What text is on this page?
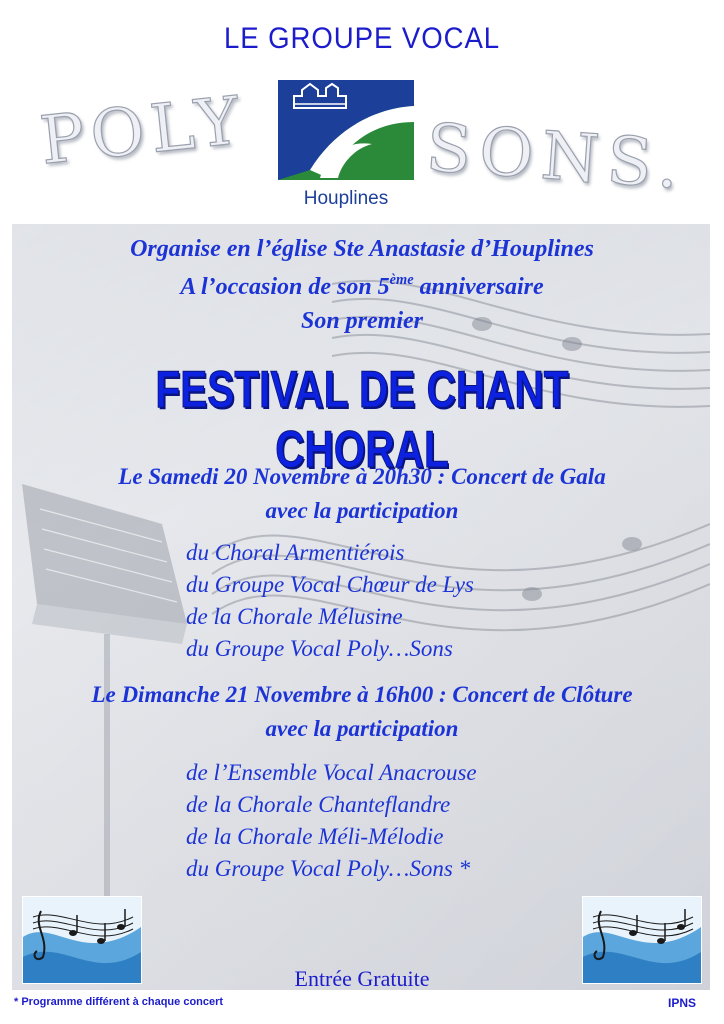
LE GROUPE VOCAL
POLY	SONS.
Houplines
Organise en l’église Ste Anastasie d’Houplines
A l’occasion de son 5ème anniversaire
Son premier
FESTIVAL DE CHANT CHORAL
Le Samedi 20 Novembre à 20h30 : Concert de Gala
avec la participation
du Choral Armentiérois
du Groupe Vocal Chœur de Lys
de la Chorale Mélusine
du Groupe Vocal Poly…Sons
Le Dimanche 21 Novembre à 16h00 : Concert de Clôture
avec la participation
de l’Ensemble Vocal Anacrouse
de la Chorale Chanteflandre
de la Chorale Méli-Mélodie
du Groupe Vocal Poly…Sons *
Entrée Gratuite
* Programme différent à chaque concert	IPNS
